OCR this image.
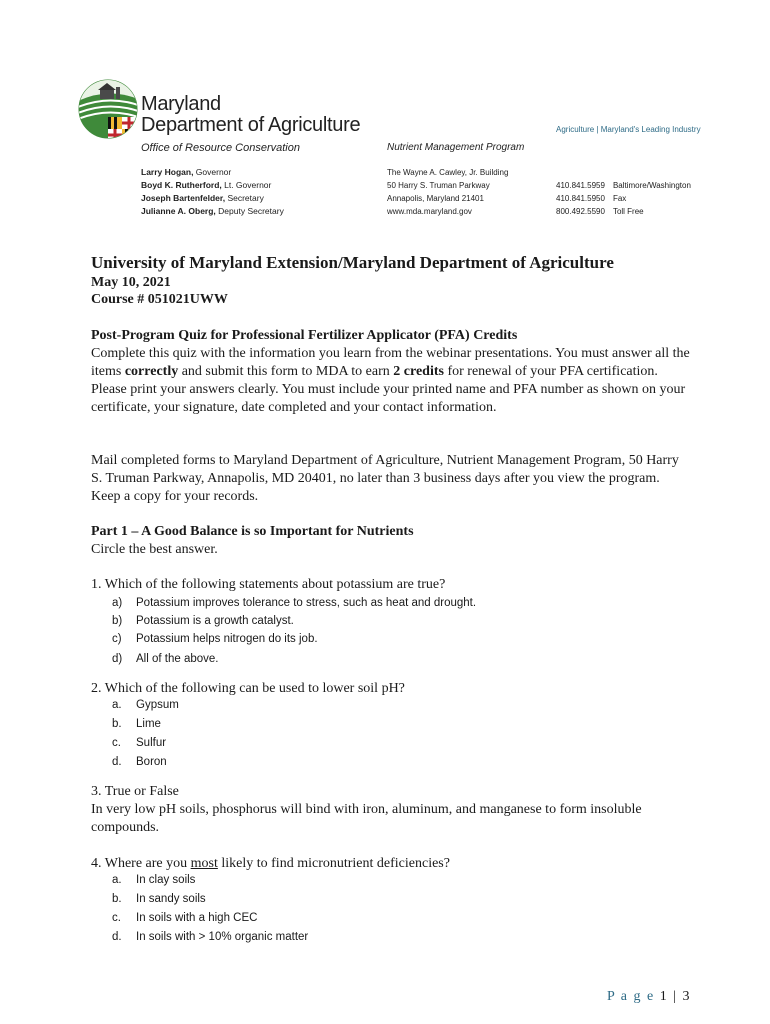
Maryland
Department of Agriculture	Agriculture | Maryland's Leading Industry
Office of Resource Conservation	Nutrient Management Program
Larry Hogan, Governor
Boyd K. Rutherford, Lt. Governor
Joseph Bartenfelder, Secretary
Julianne A. Oberg, Deputy Secretary
The Wayne A. Cawley, Jr. Building
50 Harry S. Truman Parkway
Annapolis, Maryland 21401
www.mda.maryland.gov
410.841.5959	Baltimore/Washington
410.841.5950	Fax
800.492.5590	Toll Free
University of Maryland Extension/Maryland Department of Agriculture
May 10, 2021
Course # 051021UWW
Post-Program Quiz for Professional Fertilizer Applicator (PFA) Credits
Complete this quiz with the information you learn from the webinar presentations. You must answer all the items correctly and submit this form to MDA to earn 2 credits for renewal of your PFA certification. Please print your answers clearly. You must include your printed name and PFA number as shown on your certificate, your signature, date completed and your contact information.
Mail completed forms to Maryland Department of Agriculture, Nutrient Management Program, 50 Harry S. Truman Parkway, Annapolis, MD 20401, no later than 3 business days after you view the program. Keep a copy for your records.
Part 1 – A Good Balance is so Important for Nutrients
Circle the best answer.
1. Which of the following statements about potassium are true?
a) Potassium improves tolerance to stress, such as heat and drought.
b) Potassium is a growth catalyst.
c) Potassium helps nitrogen do its job.
d) All of the above.
2. Which of the following can be used to lower soil pH?
a. Gypsum
b. Lime
c. Sulfur
d. Boron
3. True or False
In very low pH soils, phosphorus will bind with iron, aluminum, and manganese to form insoluble compounds.
4. Where are you most likely to find micronutrient deficiencies?
a. In clay soils
b. In sandy soils
c. In soils with a high CEC
d. In soils with > 10% organic matter
P a g e 1 | 3
